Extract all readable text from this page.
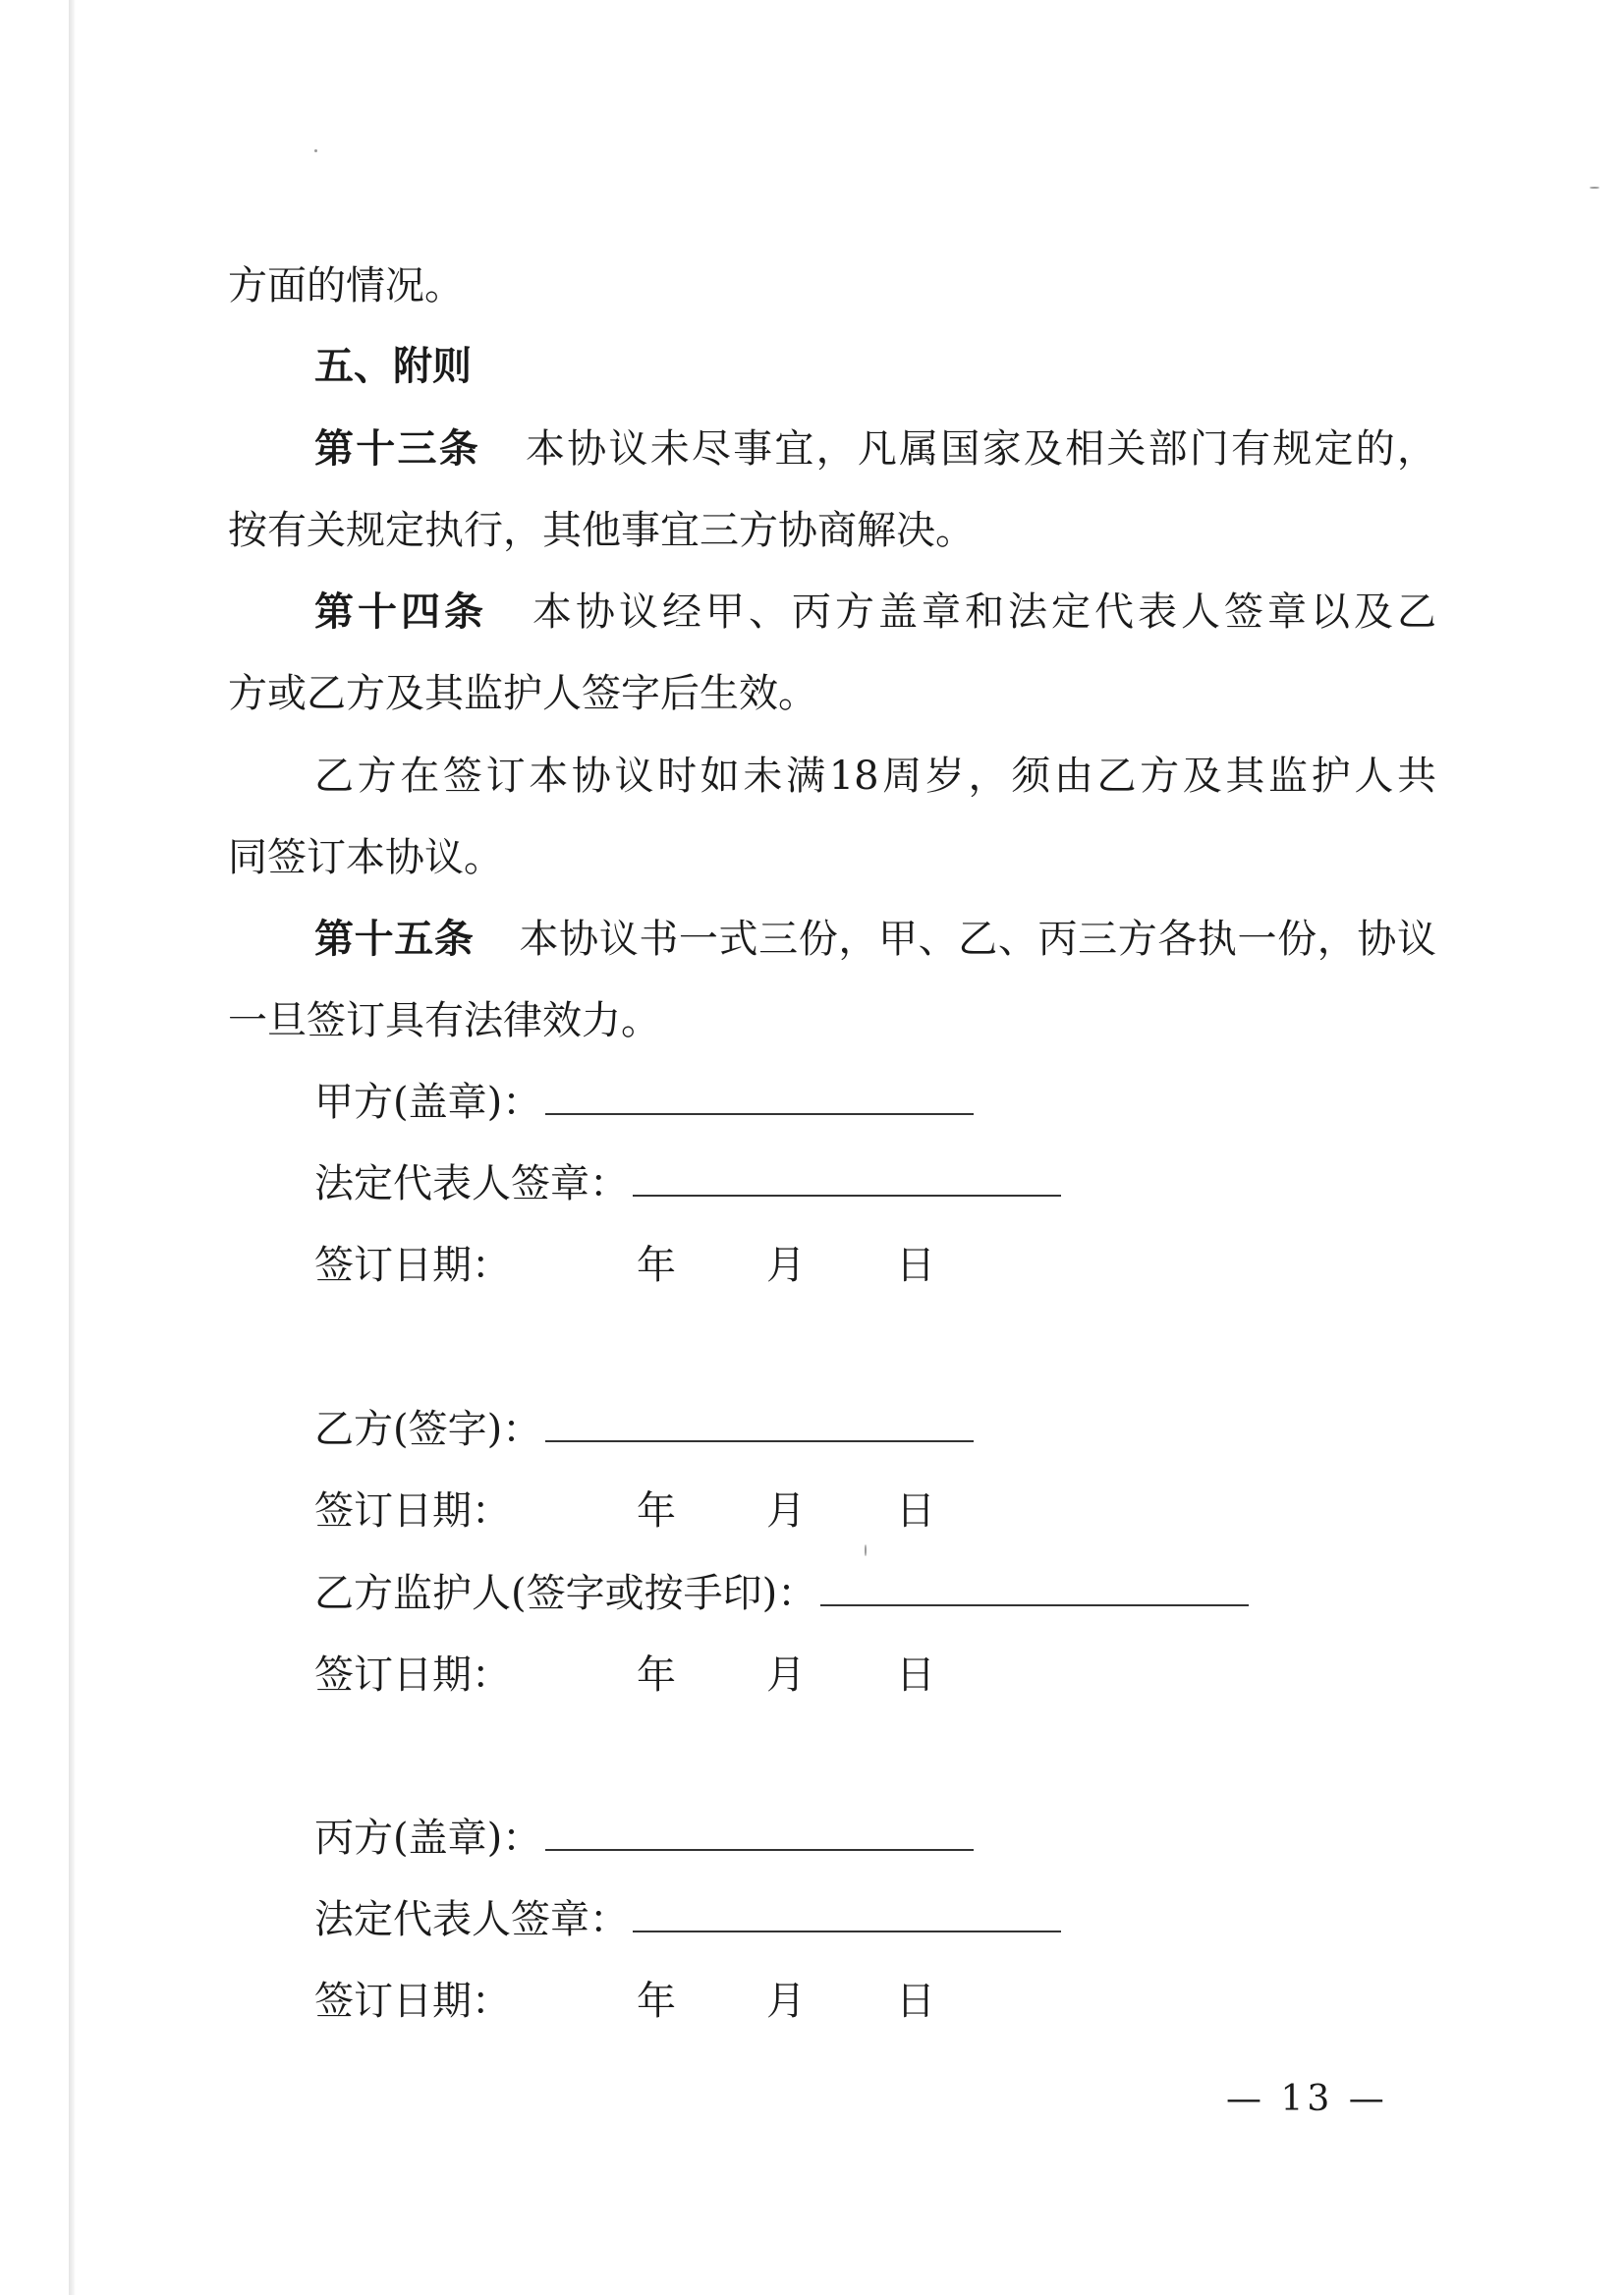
方面的情况。
五、附则
第十三条 本协议未尽事宜，凡属国家及相关部门有规定的，
按有关规定执行，其他事宜三方协商解决。
第十四条 本协议经甲、丙方盖章和法定代表人签章以及乙
方或乙方及其监护人签字后生效。
乙方在签订本协议时如未满18周岁，须由乙方及其监护人共
同签订本协议。
第十五条 本协议书一式三份，甲、乙、丙三方各执一份，协议
一旦签订具有法律效力。
甲方(盖章)：
法定代表人签章：
签订日期：	年 月 日
乙方(签字)：
签订日期：	年 月 日
乙方监护人(签字或按手印)：
签订日期：	年 月 日
丙方(盖章)：
法定代表人签章：
签订日期：	年 月 日
— 13 —
